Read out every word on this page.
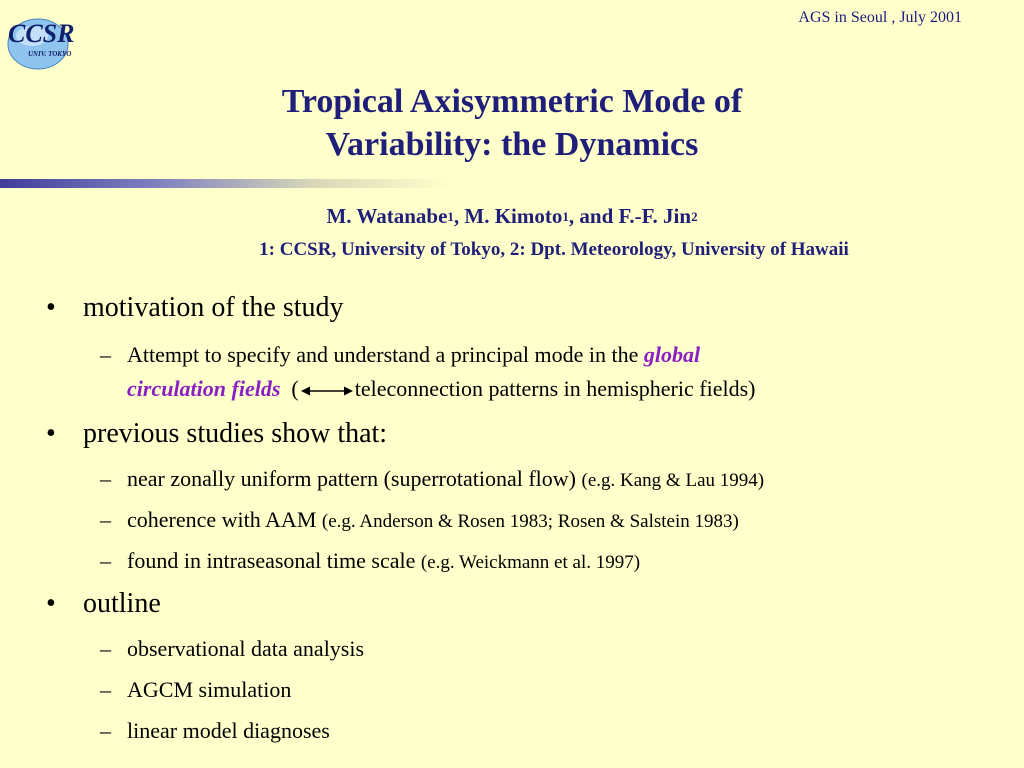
CCSR
UNIV. TOKYO
AGS in Seoul , July 2001
Tropical Axisymmetric Mode of
Variability: the Dynamics
M. Watanabe$^1$, M. Kimoto$^1$, and F.-F. Jin$^2$
1: CCSR, University of Tokyo, 2: Dpt. Meteorology, University of Hawaii
• motivation of the study
– Attempt to specify and understand a principal mode in the global
circulation fields (	teleconnection patterns in hemispheric fields)
• previous studies show that:
– near zonally uniform pattern (superrotational flow) (e.g. Kang & Lau 1994)
– coherence with AAM (e.g. Anderson & Rosen 1983; Rosen & Salstein 1983)
– found in intraseasonal time scale (e.g. Weickmann et al. 1997)
• outline
– observational data analysis
– AGCM simulation
– linear model diagnoses
